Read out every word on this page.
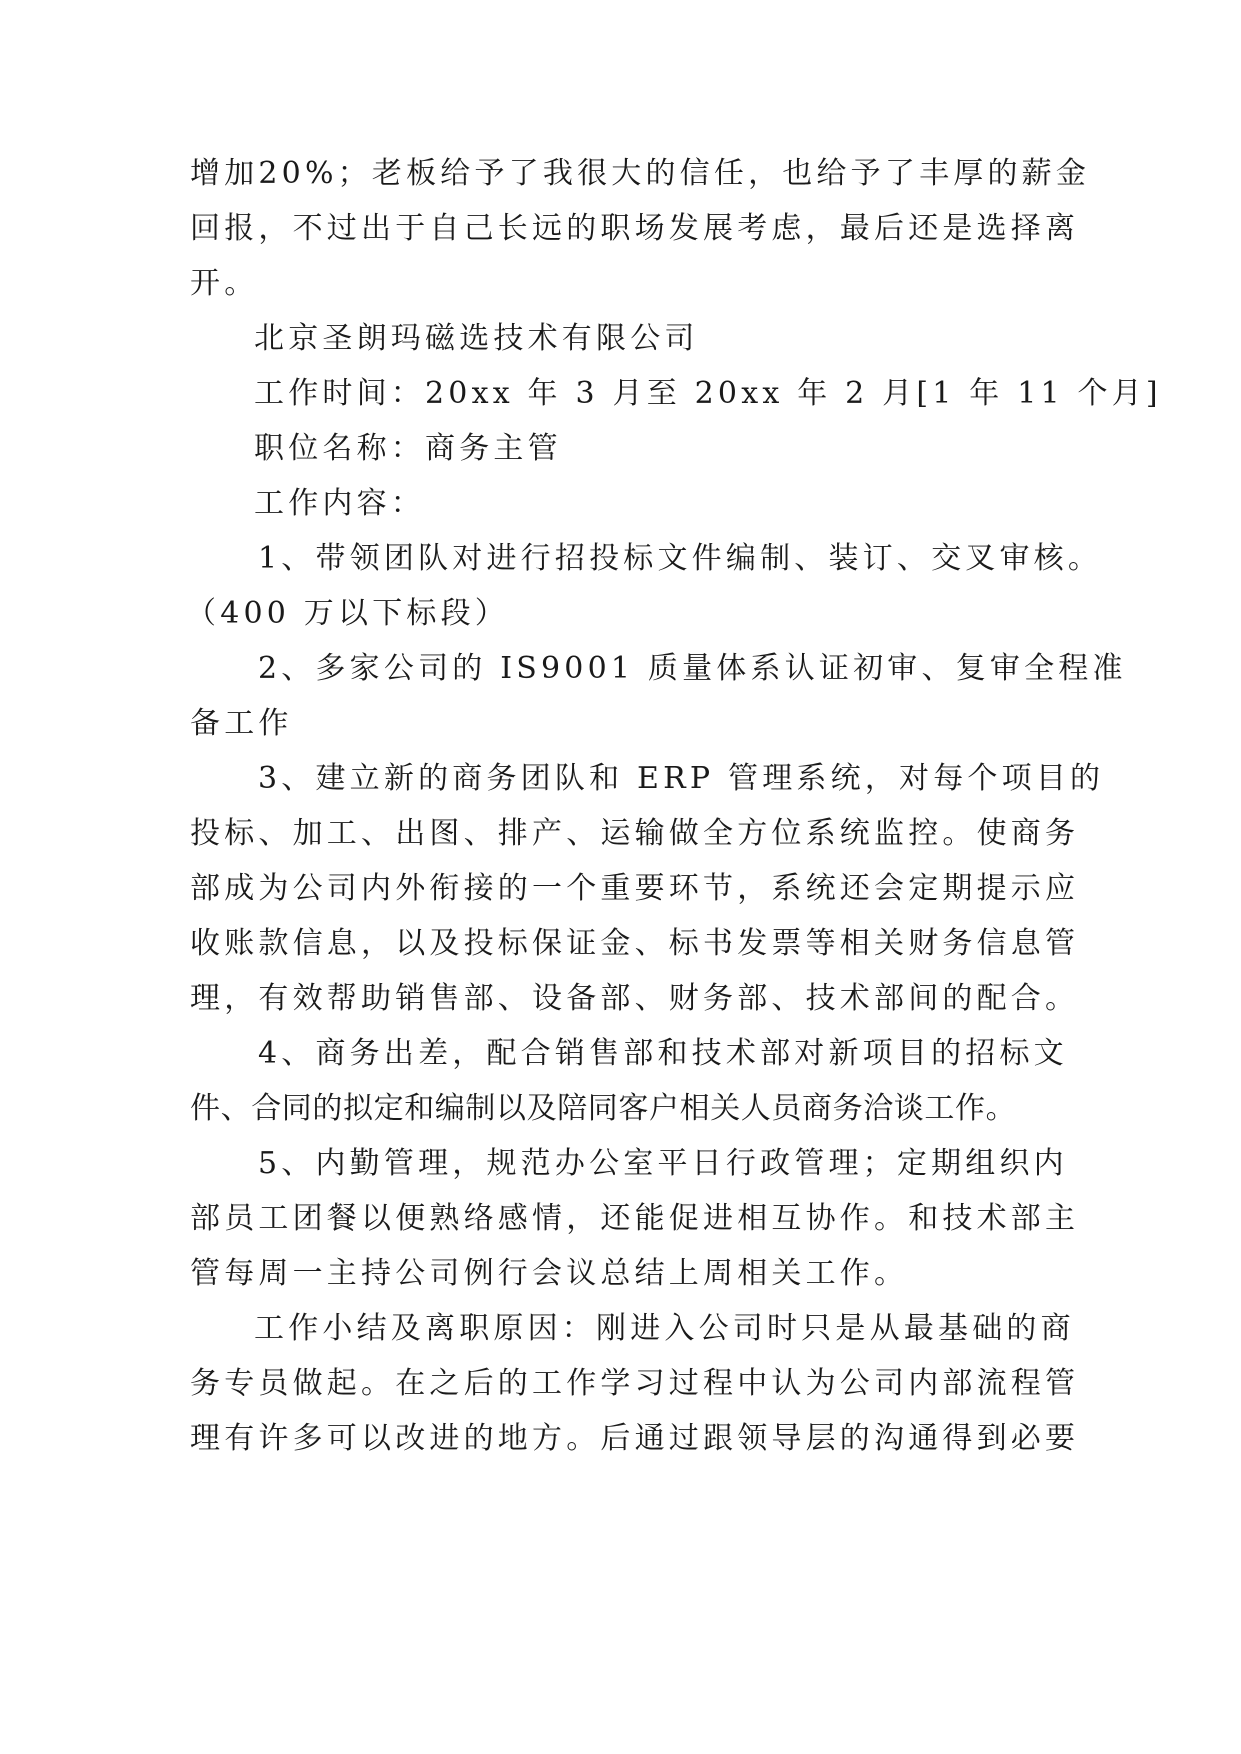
增加20%；老板给予了我很大的信任，也给予了丰厚的薪金
回报，不过出于自己长远的职场发展考虑，最后还是选择离
开。
北京圣朗玛磁选技术有限公司
工作时间：20xx 年 3 月至 20xx 年 2 月[1 年 11 个月]
职位名称：商务主管
工作内容：
1、带领团队对进行招投标文件编制、装订、交叉审核。
（400 万以下标段）
2、多家公司的 IS9001 质量体系认证初审、复审全程准
备工作
3、建立新的商务团队和 ERP 管理系统，对每个项目的
投标、加工、出图、排产、运输做全方位系统监控。使商务
部成为公司内外衔接的一个重要环节，系统还会定期提示应
收账款信息，以及投标保证金、标书发票等相关财务信息管
理，有效帮助销售部、设备部、财务部、技术部间的配合。
4、商务出差，配合销售部和技术部对新项目的招标文
件、合同的拟定和编制以及陪同客户相关人员商务洽谈工作。
5、内勤管理，规范办公室平日行政管理；定期组织内
部员工团餐以便熟络感情，还能促进相互协作。和技术部主
管每周一主持公司例行会议总结上周相关工作。
工作小结及离职原因：刚进入公司时只是从最基础的商
务专员做起。在之后的工作学习过程中认为公司内部流程管
理有许多可以改进的地方。后通过跟领导层的沟通得到必要
